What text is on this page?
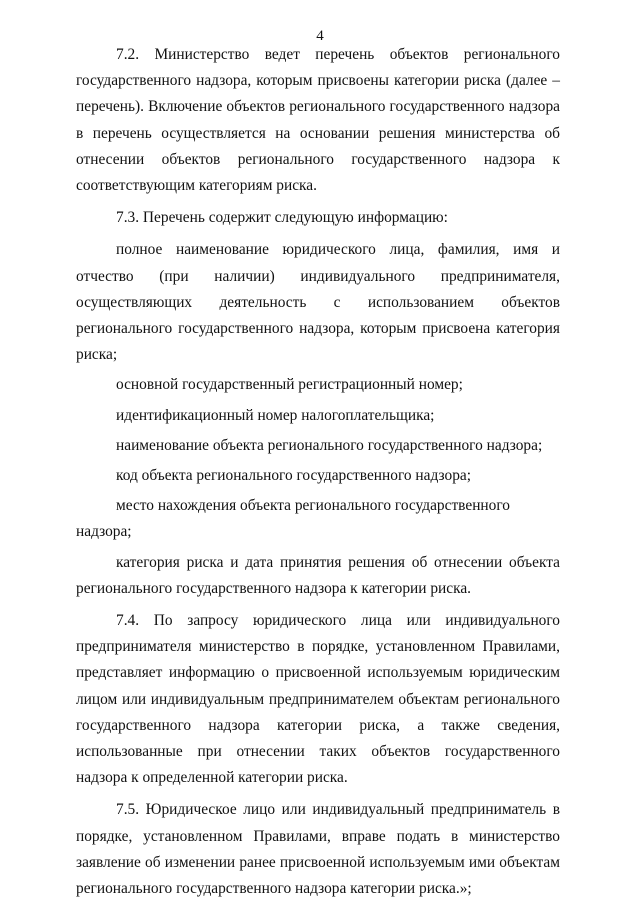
4

7.2. Министерство ведет перечень объектов регионального государственного надзора, которым присвоены категории риска (далее – перечень). Включение объектов регионального государственного надзора в перечень осуществляется на основании решения министерства об отнесении объектов регионального государственного надзора к соответствующим категориям риска.

7.3. Перечень содержит следующую информацию:

полное наименование юридического лица, фамилия, имя и отчество (при наличии) индивидуального предпринимателя, осуществляющих деятельность с использованием объектов регионального государственного надзора, которым присвоена категория риска;

основной государственный регистрационный номер;

идентификационный номер налогоплательщика;

наименование объекта регионального государственного надзора;

код объекта регионального государственного надзора;

место нахождения объекта регионального государственного надзора;

категория риска и дата принятия решения об отнесении объекта регионального государственного надзора к категории риска.

7.4. По запросу юридического лица или индивидуального предпринимателя министерство в порядке, установленном Правилами, представляет информацию о присвоенной используемым юридическим лицом или индивидуальным предпринимателем объектам регионального государственного надзора категории риска, а также сведения, использованные при отнесении таких объектов государственного надзора к определенной категории риска.

7.5. Юридическое лицо или индивидуальный предприниматель в порядке, установленном Правилами, вправе подать в министерство заявление об изменении ранее присвоенной используемым ими объектам регионального государственного надзора категории риска.»;
